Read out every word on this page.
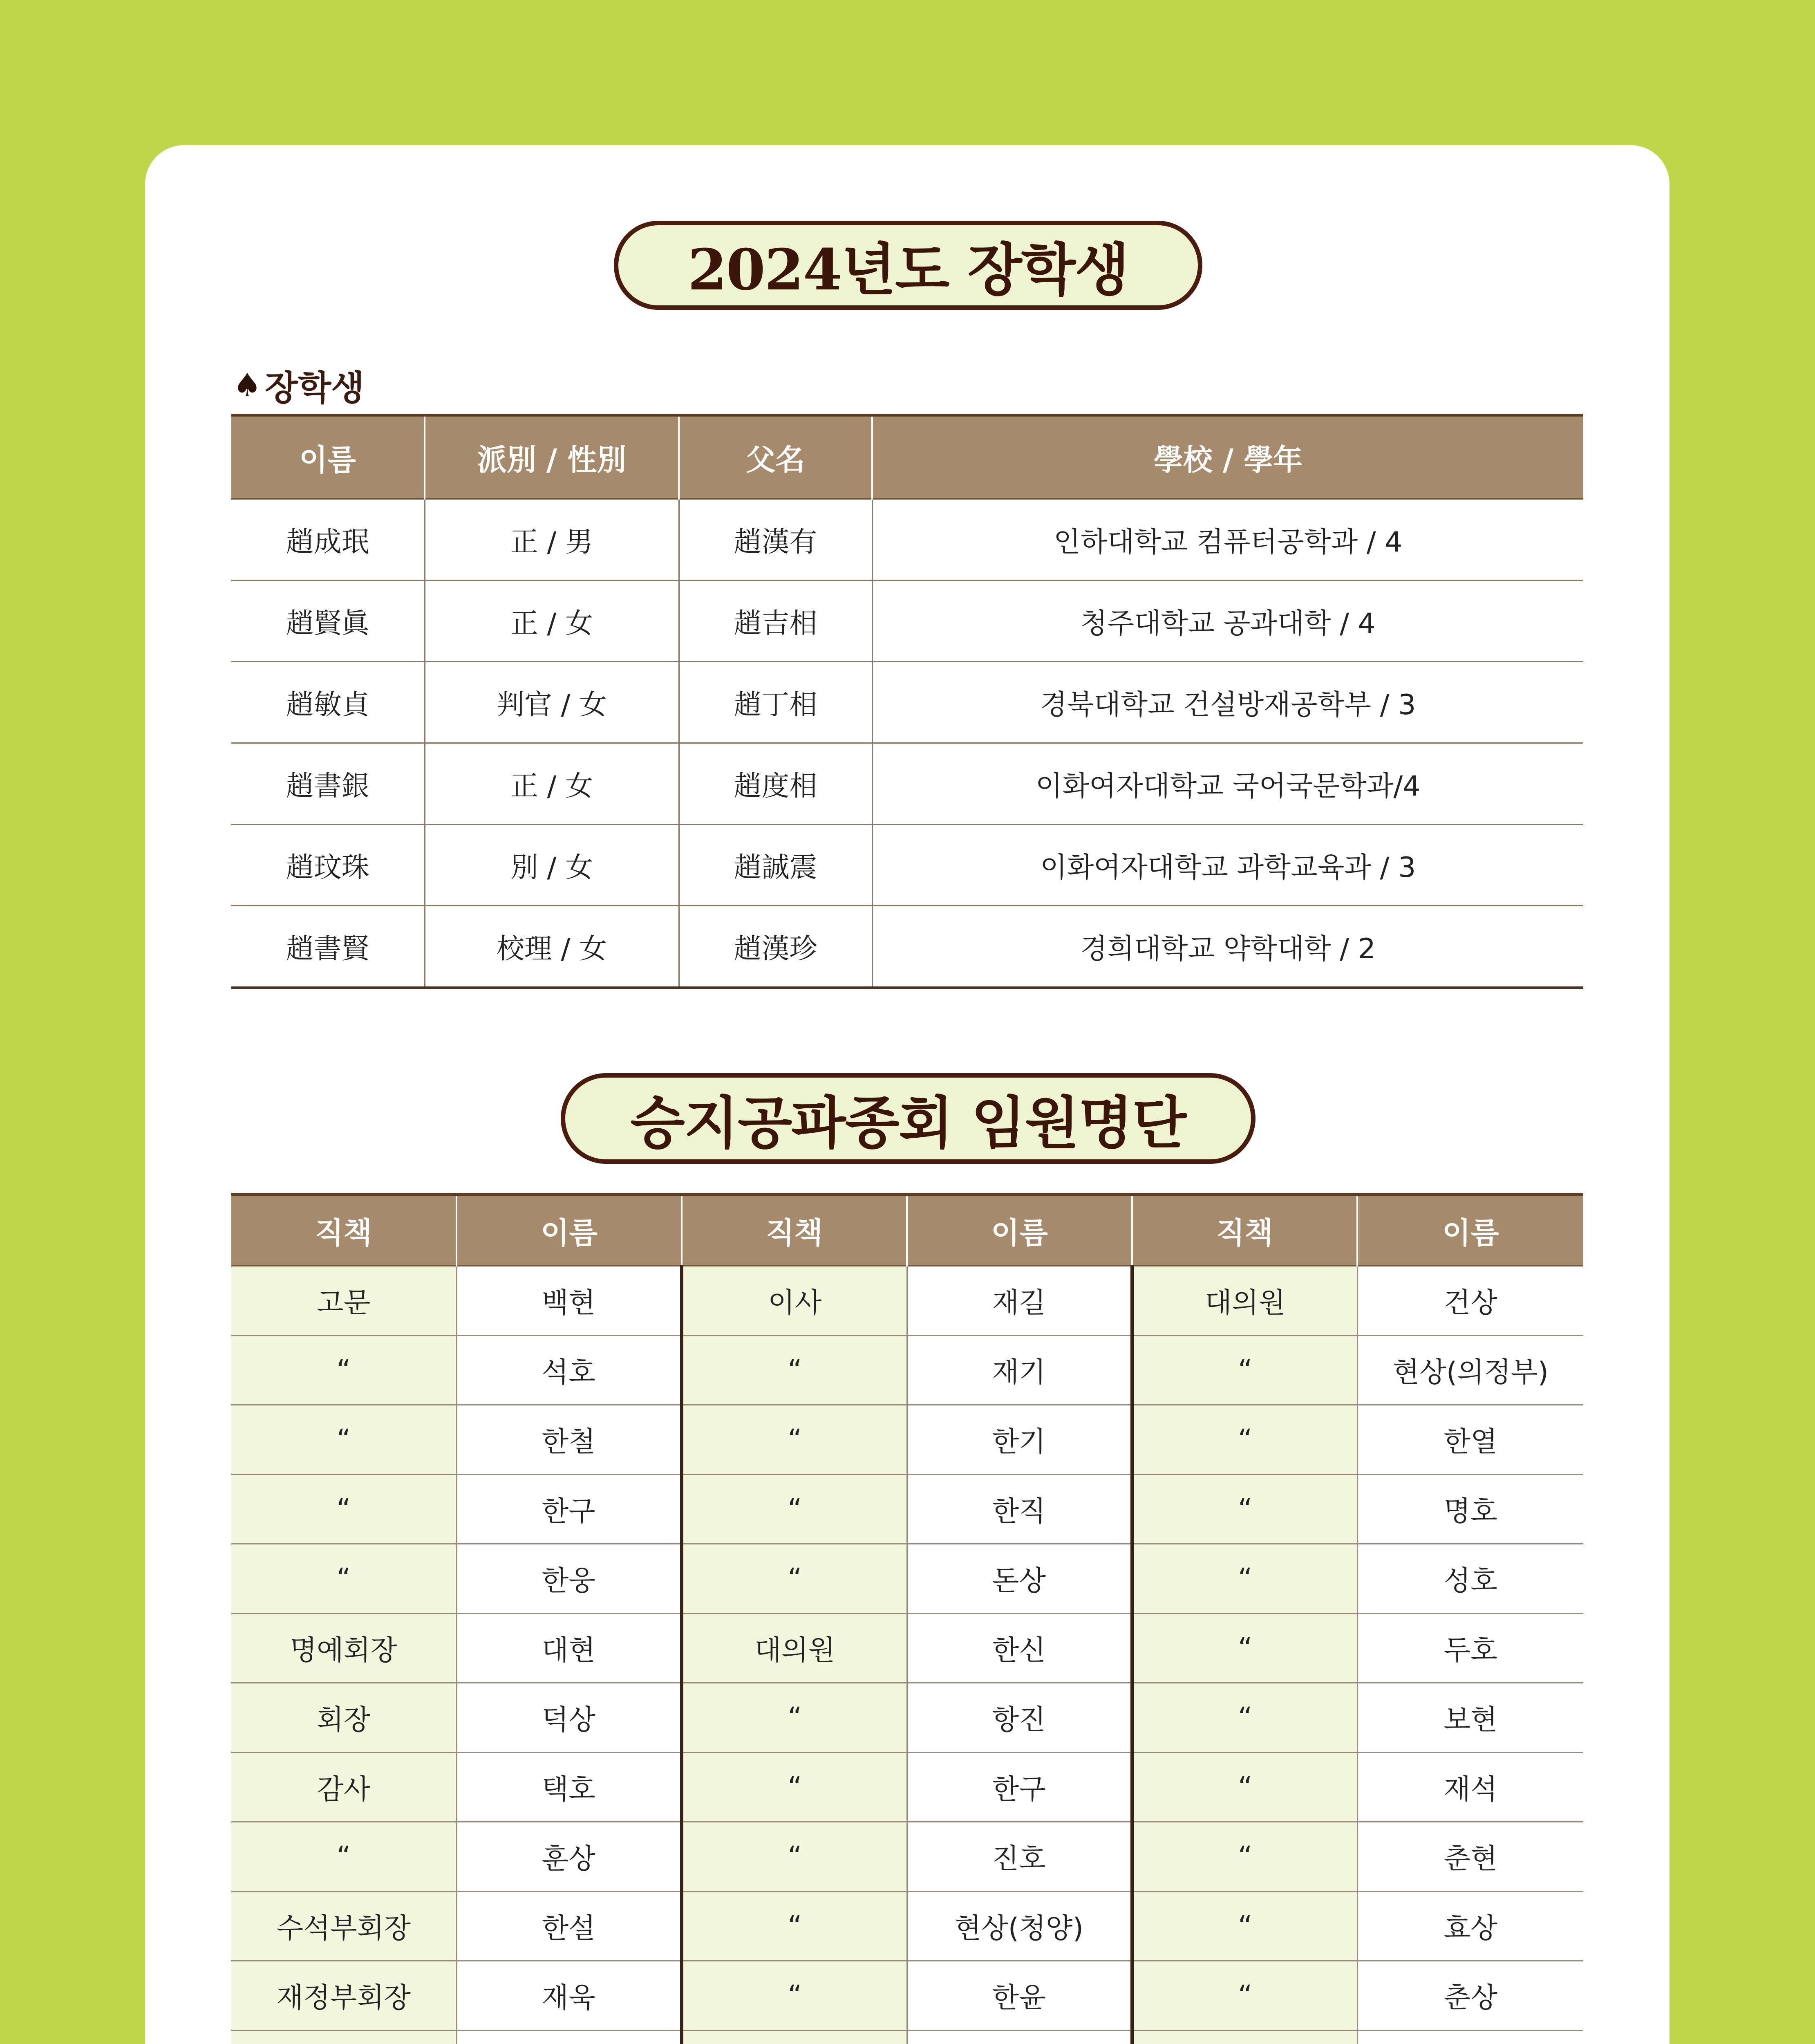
2024년도 장학생
♠ 장학생
이름	派別 / 性別	父名	學校 / 學年
趙成珉	正 / 男	趙漢有	인하대학교 컴퓨터공학과 / 4
趙賢眞	正 / 女	趙吉相	청주대학교 공과대학 / 4
趙敏貞	判官 / 女	趙丁相	경북대학교 건설방재공학부 / 3
趙書銀	正 / 女	趙度相	이화여자대학교 국어국문학과/4
趙玟珠	別 / 女	趙誠震	이화여자대학교 과학교육과 / 3
趙書賢	校理 / 女	趙漢珍	경희대학교 약학대학 / 2
승지공파종회 임원명단
직책	이름	직책	이름	직책	이름
고문	백현	이사	재길	대의원	건상
“	석호	“	재기	“	현상(의정부)
“	한철	“	한기	“	한열
“	한구	“	한직	“	명호
“	한웅	“	돈상	“	성호
명예회장	대현	대의원	한신	“	두호
회장	덕상	“	항진	“	보현
감사	택호	“	한구	“	재석
“	훈상	“	진호	“	춘현
수석부회장	한설	“	현상(청양)	“	효상
재정부회장	재욱	“	한윤	“	춘상
